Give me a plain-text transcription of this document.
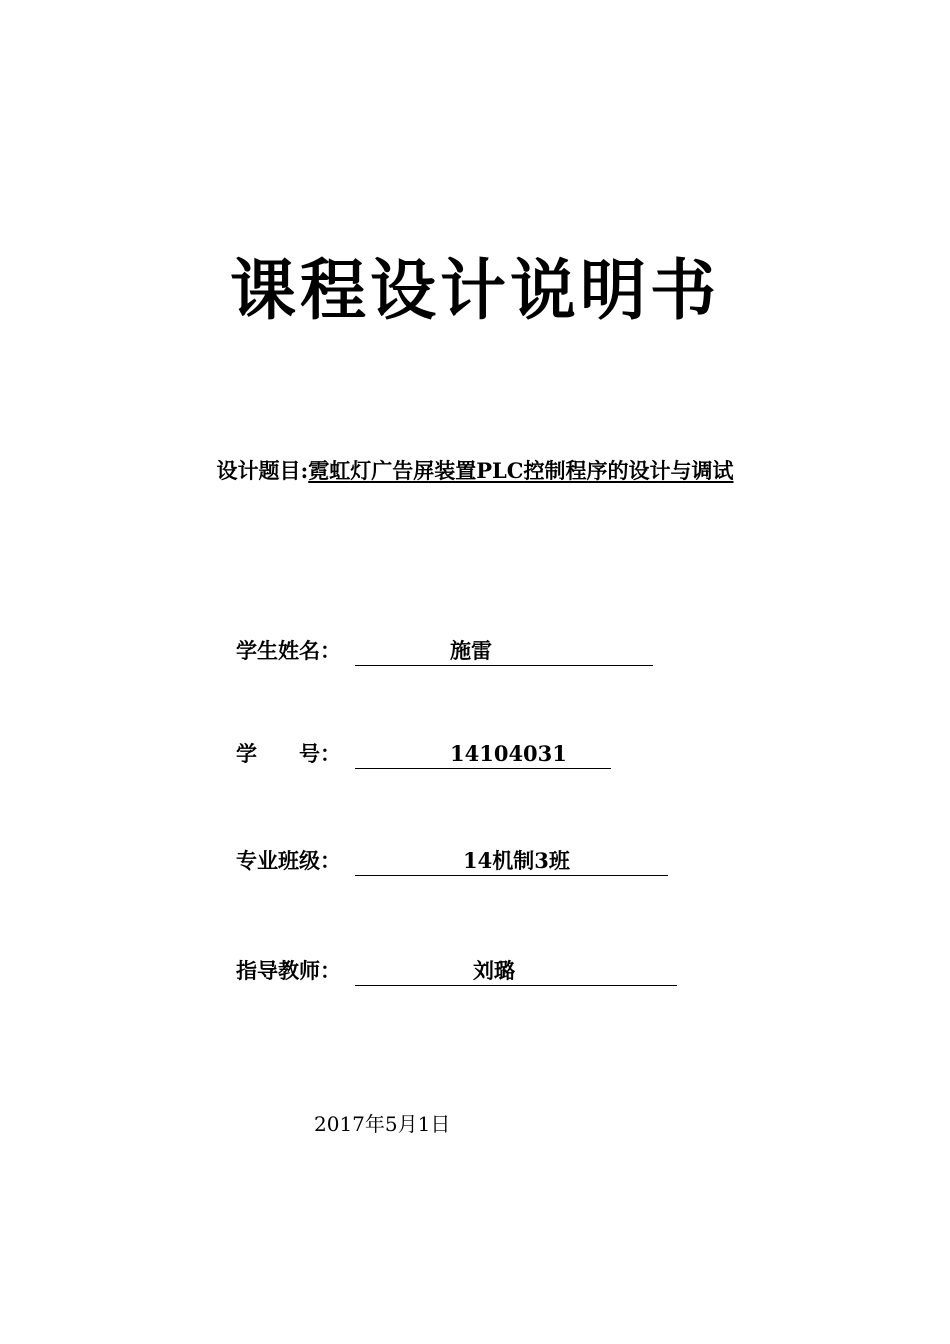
课程设计说明书
设计题目:霓虹灯广告屏装置PLC控制程序的设计与调试
学生姓名：	施雷
学　　号：	14104031
专业班级：	14机制3班
指导教师：	刘璐
2017年5月1日
